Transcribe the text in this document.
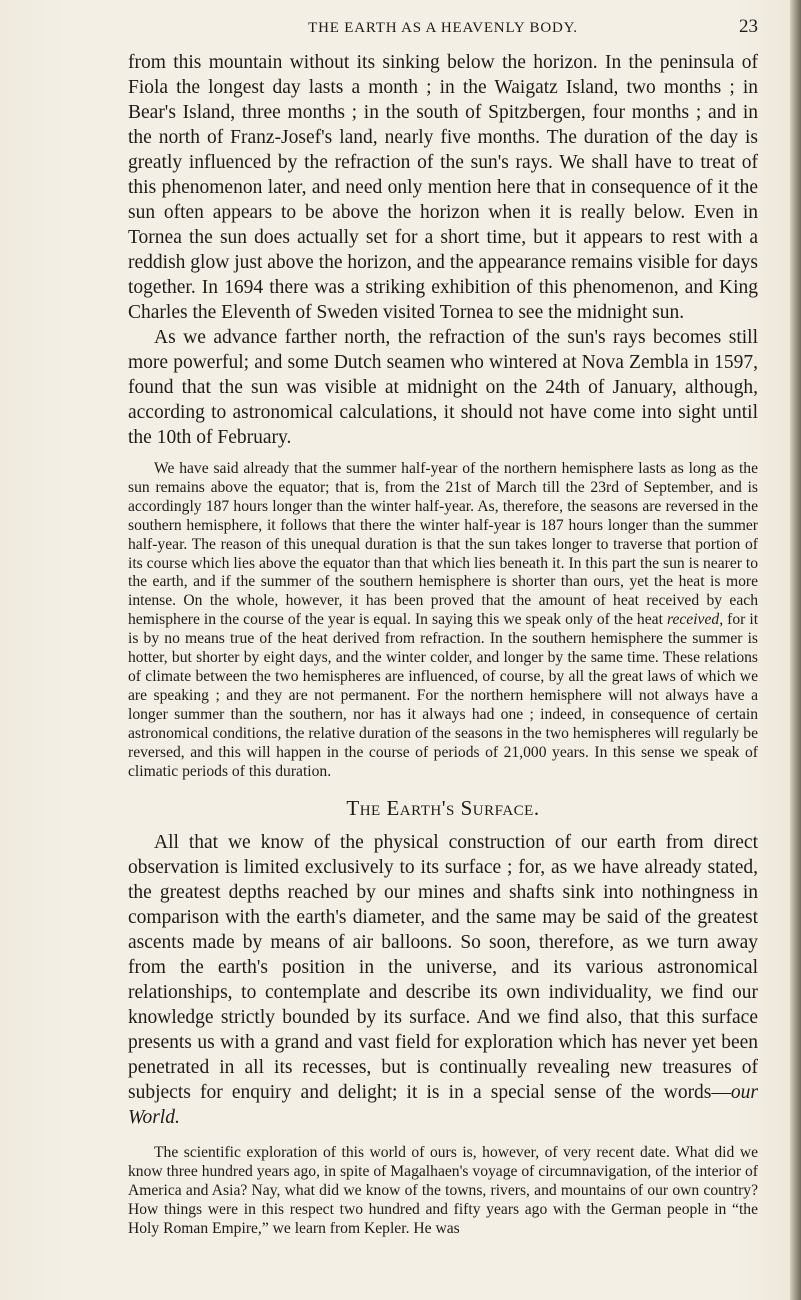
THE EARTH AS A HEAVENLY BODY.	23

from this mountain without its sinking below the horizon. In the peninsula of Fiola the longest day lasts a month ; in the Waigatz Island, two months ; in Bear's Island, three months ; in the south of Spitzbergen, four months ; and in the north of Franz-Josef's land, nearly five months. The duration of the day is greatly influenced by the refraction of the sun's rays. We shall have to treat of this phenomenon later, and need only mention here that in consequence of it the sun often appears to be above the horizon when it is really below. Even in Tornea the sun does actually set for a short time, but it appears to rest with a reddish glow just above the horizon, and the appearance remains visible for days together. In 1694 there was a striking exhibition of this phenomenon, and King Charles the Eleventh of Sweden visited Tornea to see the midnight sun.

As we advance farther north, the refraction of the sun's rays becomes still more powerful; and some Dutch seamen who wintered at Nova Zembla in 1597, found that the sun was visible at midnight on the 24th of January, although, according to astronomical calculations, it should not have come into sight until the 10th of February.

We have said already that the summer half-year of the northern hemisphere lasts as long as the sun remains above the equator; that is, from the 21st of March till the 23rd of September, and is accordingly 187 hours longer than the winter half-year. As, therefore, the seasons are reversed in the southern hemisphere, it follows that there the winter half-year is 187 hours longer than the summer half-year. The reason of this unequal duration is that the sun takes longer to traverse that portion of its course which lies above the equator than that which lies beneath it. In this part the sun is nearer to the earth, and if the summer of the southern hemisphere is shorter than ours, yet the heat is more intense. On the whole, however, it has been proved that the amount of heat received by each hemisphere in the course of the year is equal. In saying this we speak only of the heat received, for it is by no means true of the heat derived from refraction. In the southern hemisphere the summer is hotter, but shorter by eight days, and the winter colder, and longer by the same time. These relations of climate between the two hemispheres are influenced, of course, by all the great laws of which we are speaking ; and they are not permanent. For the northern hemisphere will not always have a longer summer than the southern, nor has it always had one ; indeed, in consequence of certain astronomical conditions, the relative duration of the seasons in the two hemispheres will regularly be reversed, and this will happen in the course of periods of 21,000 years. In this sense we speak of climatic periods of this duration.

The Earth's Surface.

All that we know of the physical construction of our earth from direct observation is limited exclusively to its surface ; for, as we have already stated, the greatest depths reached by our mines and shafts sink into nothingness in comparison with the earth's diameter, and the same may be said of the greatest ascents made by means of air balloons. So soon, therefore, as we turn away from the earth's position in the universe, and its various astronomical relationships, to contemplate and describe its own individuality, we find our knowledge strictly bounded by its surface. And we find also, that this surface presents us with a grand and vast field for exploration which has never yet been penetrated in all its recesses, but is continually revealing new treasures of subjects for enquiry and delight; it is in a special sense of the words—our World.

The scientific exploration of this world of ours is, however, of very recent date. What did we know three hundred years ago, in spite of Magalhaen's voyage of circumnavigation, of the interior of America and Asia? Nay, what did we know of the towns, rivers, and mountains of our own country? How things were in this respect two hundred and fifty years ago with the German people in “the Holy Roman Empire,” we learn from Kepler. He was
